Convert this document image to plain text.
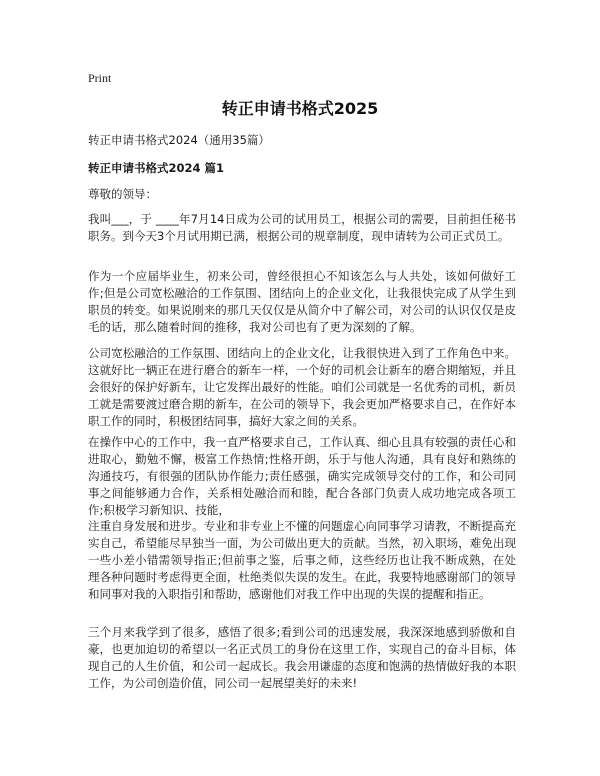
Print
转正申请书格式2025

转正申请书格式2024（通用35篇）

转正申请书格式2024 篇1

尊敬的领导：

我叫___，于 ____年7月14日成为公司的试用员工，根据公司的需要，目前担任秘书职务。到今天3个月试用期已满，根据公司的规章制度，现申请转为公司正式员工。

作为一个应届毕业生，初来公司，曾经很担心不知该怎么与人共处，该如何做好工作;但是公司宽松融洽的工作氛围、团结向上的企业文化，让我很快完成了从学生到职员的转变。如果说刚来的那几天仅仅是从简介中了解公司，对公司的认识仅仅是皮毛的话，那么随着时间的推移，我对公司也有了更为深刻的了解。

公司宽松融洽的工作氛围、团结向上的企业文化，让我很快进入到了工作角色中来。这就好比一辆正在进行磨合的新车一样，一个好的司机会让新车的磨合期缩短，并且会很好的保护好新车，让它发挥出最好的性能。咱们公司就是一名优秀的司机，新员工就是需要渡过磨合期的新车，在公司的领导下，我会更加严格要求自己，在作好本职工作的同时，积极团结同事，搞好大家之间的关系。

在操作中心的工作中，我一直严格要求自己，工作认真、细心且具有较强的责任心和进取心，勤勉不懈，极富工作热情;性格开朗，乐于与他人沟通，具有良好和熟练的沟通技巧，有很强的团队协作能力;责任感强，确实完成领导交付的工作，和公司同事之间能够通力合作，关系相处融洽而和睦，配合各部门负责人成功地完成各项工作;积极学习新知识、技能，

注重自身发展和进步。专业和非专业上不懂的问题虚心向同事学习请教，不断提高充实自己，希望能尽早独当一面，为公司做出更大的贡献。当然，初入职场，难免出现一些小差小错需领导指正;但前事之鉴，后事之师，这些经历也让我不断成熟，在处理各种问题时考虑得更全面，杜绝类似失误的发生。在此，我要特地感谢部门的领导和同事对我的入职指引和帮助，感谢他们对我工作中出现的失误的提醒和指正。

三个月来我学到了很多，感悟了很多;看到公司的迅速发展，我深深地感到骄傲和自豪，也更加迫切的希望以一名正式员工的身份在这里工作，实现自己的奋斗目标，体现自己的人生价值，和公司一起成长。我会用谦虚的态度和饱满的热情做好我的本职工作，为公司创造价值，同公司一起展望美好的未来!
